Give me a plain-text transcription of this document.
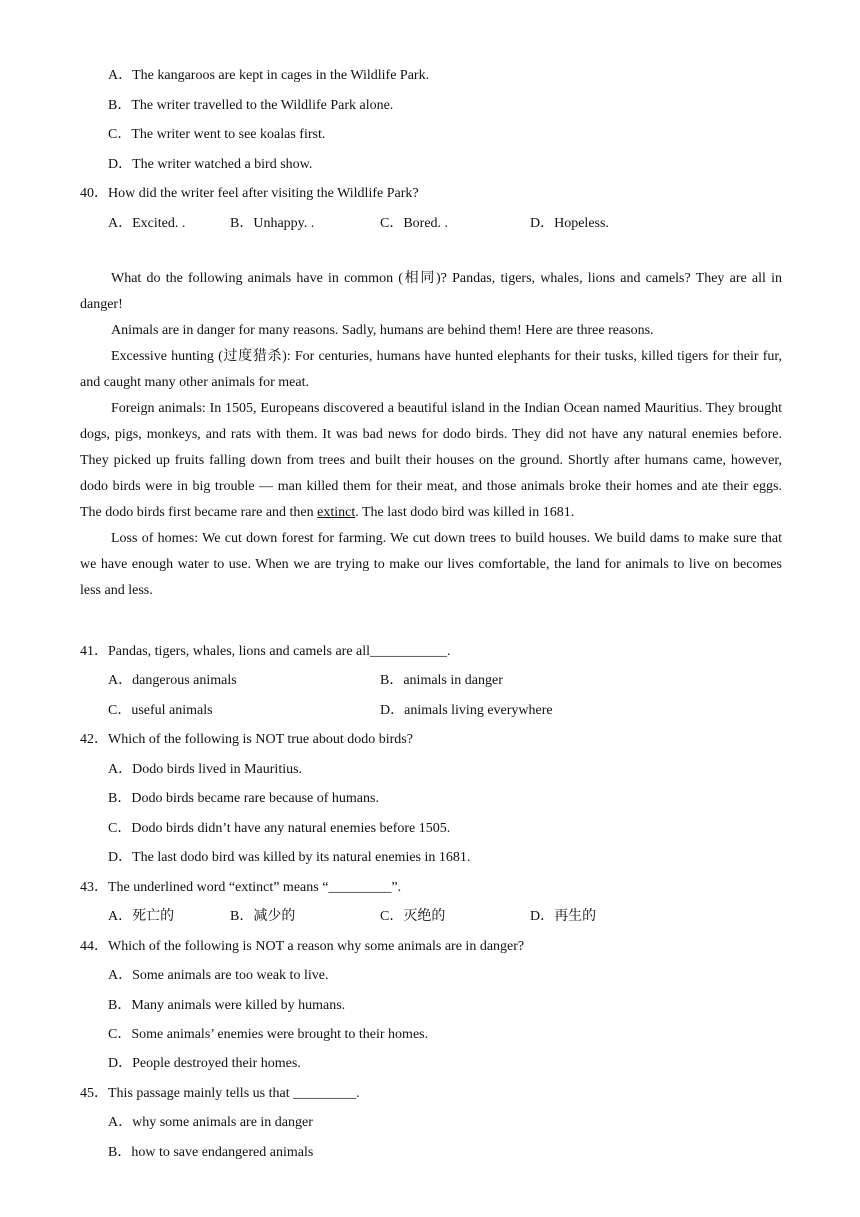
A．The kangaroos are kept in cages in the Wildlife Park.
B．The writer travelled to the Wildlife Park alone.
C．The writer went to see koalas first.
D．The writer watched a bird show.
40．How did the writer feel after visiting the Wildlife Park?
A．Excited. .	B．Unhappy. .	C．Bored. .	D．Hopeless.

What do the following animals have in common (相同)? Pandas, tigers, whales, lions and camels? They are all in danger!

Animals are in danger for many reasons. Sadly, humans are behind them! Here are three reasons.

Excessive hunting (过度猎杀): For centuries, humans have hunted elephants for their tusks, killed tigers for their fur, and caught many other animals for meat.

Foreign animals: In 1505, Europeans discovered a beautiful island in the Indian Ocean named Mauritius. They brought dogs, pigs, monkeys, and rats with them. It was bad news for dodo birds. They did not have any natural enemies before. They picked up fruits falling down from trees and built their houses on the ground. Shortly after humans came, however, dodo birds were in big trouble — man killed them for their meat, and those animals broke their homes and ate their eggs. The dodo birds first became rare and then extinct. The last dodo bird was killed in 1681.

Loss of homes: We cut down forest for farming. We cut down trees to build houses. We build dams to make sure that we have enough water to use. When we are trying to make our lives comfortable, the land for animals to live on becomes less and less.

41．Pandas, tigers, whales, lions and camels are all___________.
A．dangerous animals	B．animals in danger
C．useful animals	D．animals living everywhere
42．Which of the following is NOT true about dodo birds?
A．Dodo birds lived in Mauritius.
B．Dodo birds became rare because of humans.
C．Dodo birds didn’t have any natural enemies before 1505.
D．The last dodo bird was killed by its natural enemies in 1681.
43．The underlined word “extinct” means “_________”.
A．死亡的	B．减少的	C．灭绝的	D．再生的
44．Which of the following is NOT a reason why some animals are in danger?
A．Some animals are too weak to live.
B．Many animals were killed by humans.
C．Some animals’ enemies were brought to their homes.
D．People destroyed their homes.
45．This passage mainly tells us that _________.
A．why some animals are in danger
B．how to save endangered animals
